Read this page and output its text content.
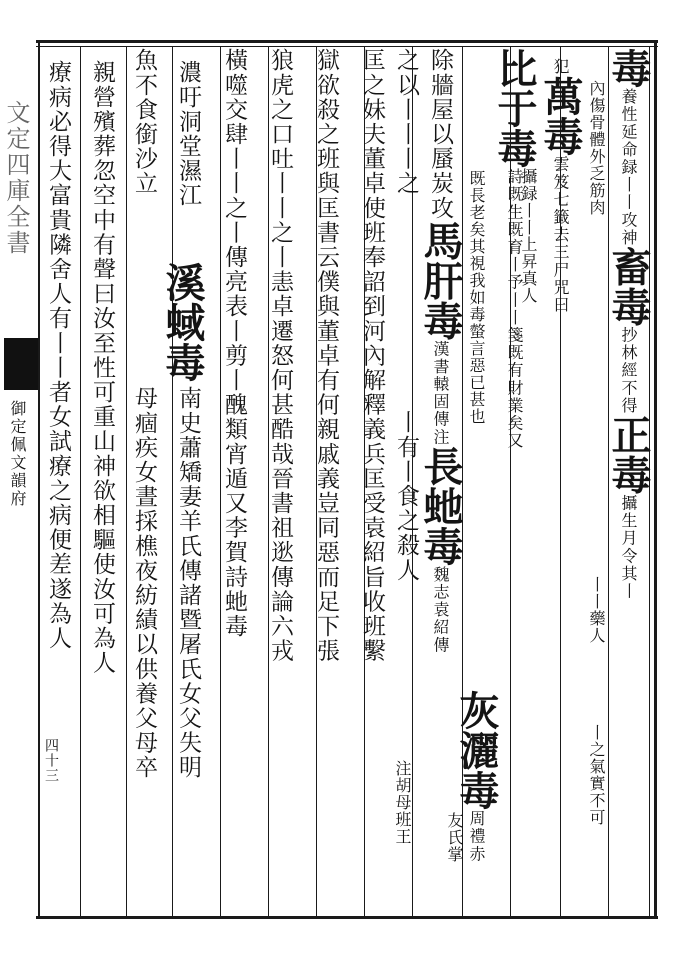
文定四庫全書
御定佩文韻府
四十三
毒養性延命録丨丨攻神畜毒抄林經不得正毒攝生月令其丨
內傷骨體外乏筋肉丨丨藥人丨之氣實不可
犯萬毒雲笈七籤去三尸咒曰
攝録丨丨上昇真人
比于毒詩既生既育丨予丨丨箋既有財業矣又
既長老矣其視我如毒螫言惡已甚也
灰灑毒周禮赤
友氏掌
除牆屋以蜃炭攻馬肝毒漢書轅固傳注長虵毒魏志袁紹傳
之以丨丨丨之
丨有丨食之殺人
注胡母班王
匡之妹夫董卓使班奉詔到河內解釋義兵匡受袁紹旨收班繫
獄欲殺之班與匡書云僕與董卓有何親戚義豈同惡而足下張
狼虎之口吐丨丨之丨恚卓遷怒何甚酷哉晉書祖逖傳論六戎
橫噬交肆丨丨之丨傳亮表丨剪丨醜類宵遁又李賀詩虵毒
濃吁洞堂濕江
溪蜮毒
南史蕭矯妻羊氏傳諸暨屠氏女父失明
魚不食銜沙立
母痼疾女晝採樵夜紡績以供養父母卒
親營殯葬忽空中有聲曰汝至性可重山神欲相驅使汝可為人
療病必得大富貴隣舍人有丨丨者女試療之病便差遂為人
